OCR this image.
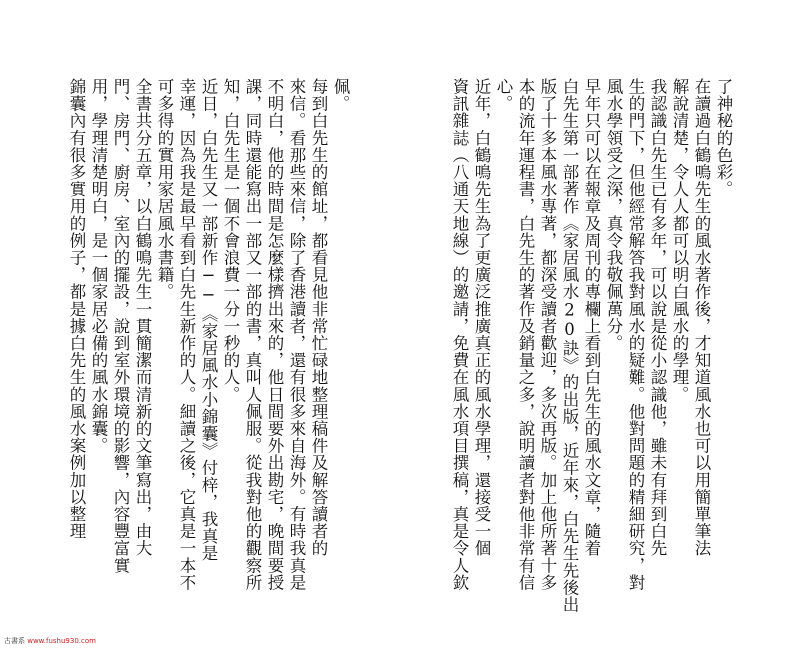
了神秘的色彩。
在讀過白鶴鳴先生的風水著作後，才知道風水也可以用簡單筆法
解說清楚，令人人都可以明白風水的學理。
我認識白先生已有多年，可以說是從小認識他，雖未有拜到白先
生的門下，但他經常解答我對風水的疑難。他對問題的精細研究，對
風水學領受之深，真令我敬佩萬分。
早年只可以在報章及周刊的專欄上看到白先生的風水文章，隨着
白先生第一部著作《家居風水20訣》的出版，近年來，白先生先後出
版了十多本風水專著，都深受讀者歡迎，多次再版。加上他所著十多
本的流年運程書，白先生的著作及銷量之多，說明讀者對他非常有信
心。
近年，白鶴鳴先生為了更廣泛推廣真正的風水學理，還接受一個
資訊雜誌（八通天地線）的邀請，免費在風水項目撰稿，真是令人欽
佩。
每到白先生的館址，都看見他非常忙碌地整理稿件及解答讀者的
來信。看那些來信，除了香港讀者，還有很多來自海外。有時我真是
不明白，他的時間是怎麼樣擠出來的，他日間要外出勘宅，晚間要授
課，同時還能寫出一部又一部的書，真叫人佩服。從我對他的觀察所
知，白先生是一個不會浪費一分一秒的人。
近日，白先生又一部新作──《家居風水小錦囊》付梓，我真是
幸運，因為我是最早看到白先生新作的人。細讀之後，它真是一本不
可多得的實用家居風水書籍。
全書共分五章，以白鶴鳴先生一貫簡潔而清新的文筆寫出，由大
門、房門、廚房、室內的擺設，說到室外環境的影響，內容豐富實
用，學理清楚明白，是一個家居必備的風水錦囊。
錦囊內有很多實用的例子，都是據白先生的風水案例加以整理
古書系 www.fushu930.com
